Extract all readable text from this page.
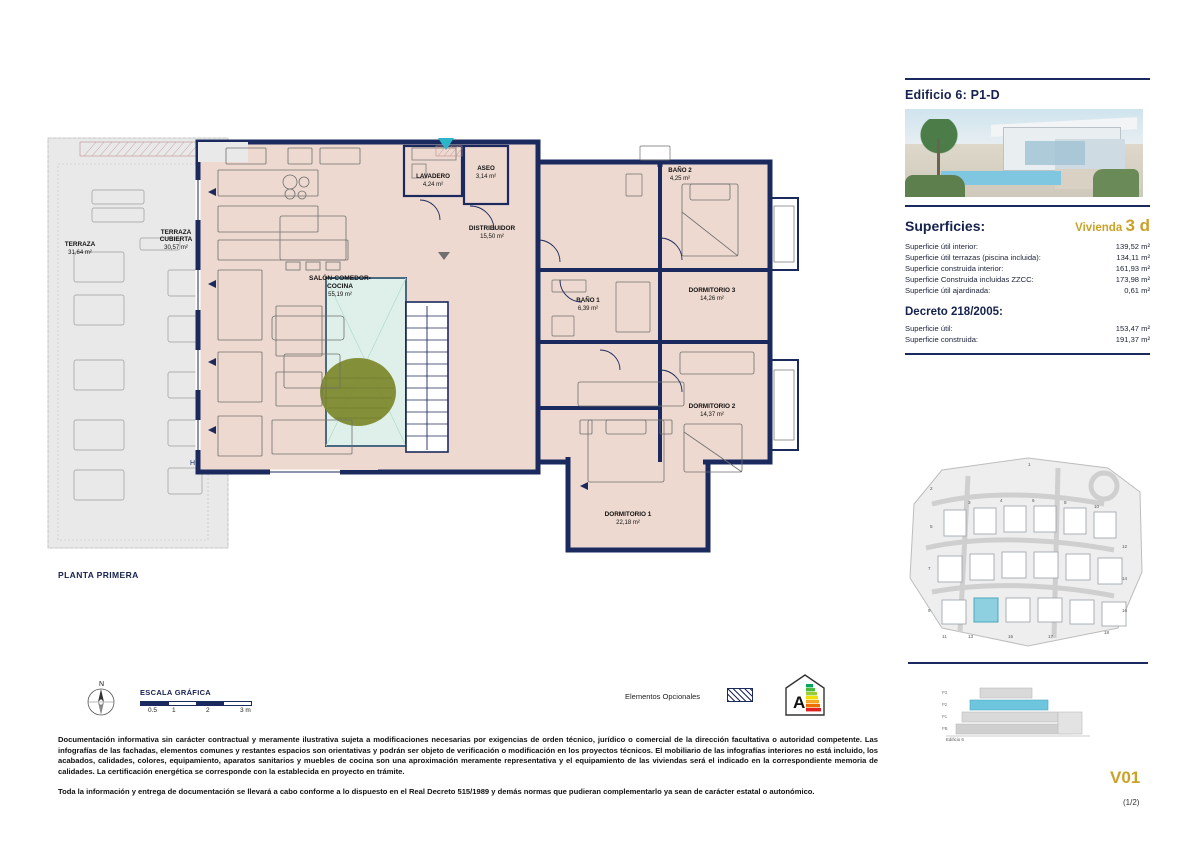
TERRAZA
31,64 m²
TERRAZA
CUBIERTA
30,57 m²
LAVADERO
4,24 m²
ASEO
3,14 m²
DISTRIBUIDOR
15,50 m²
SALÓN-COMEDOR-
COCINA
55,19 m²
BAÑO 2
4,25 m²
BAÑO 1
6,39 m²
DORMITORIO 3
14,26 m²
DORMITORIO 2
14,37 m²
DORMITORIO 1
22,18 m²
H
PLANTA PRIMERA
Edificio 6: P1-D
Superficies:	Vivienda 3 d
Superficie útil interior:	139,52 m²
Superficie útil terrazas (piscina incluida):	134,11 m²
Superficie construida interior:	161,93 m²
Superficie Construida incluidas ZZCC:	173,98 m²
Superficie útil ajardinada:	0,61 m²
Decreto 218/2005:
Superficie útil:	153,47 m²
Superficie construida:	191,37 m²
2
5
7
9
3	4	6	8
10
12
14
16
18
17
15
13
11
1
P3
P2
P1
PB
Edificio 6
V01
(1/2)
N
ESCALA GRÁFICA
0.5 1	2	3 m
Elementos Opcionales	A

Documentación informativa sin carácter contractual y meramente ilustrativa sujeta a modificaciones necesarias por exigencias de orden técnico, jurídico o comercial de la dirección facultativa o autoridad competente. Las infografías de las fachadas, elementos comunes y restantes espacios son orientativas y podrán ser objeto de verificación o modificación en los proyectos técnicos. El mobiliario de las infografías interiores no está incluido, los acabados, calidades, colores, equipamiento, aparatos sanitarios y muebles de cocina son una aproximación meramente representativa y el equipamiento de las viviendas será el indicado en la correspondiente memoria de calidades. La certificación energética se corresponde con la establecida en proyecto en trámite.

Toda la información y entrega de documentación se llevará a cabo conforme a lo dispuesto en el Real Decreto 515/1989 y demás normas que pudieran complementarlo ya sean de carácter estatal o autonómico.
